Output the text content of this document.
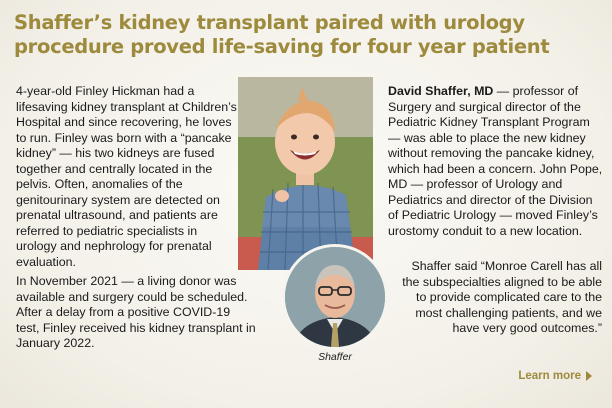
Shaffer’s kidney transplant paired with urology procedure proved life-saving for four year patient

4-year-old Finley Hickman had a lifesaving kidney transplant at Children’s Hospital and since recovering, he loves to run. Finley was born with a “pancake kidney” — his two kidneys are fused together and centrally located in the pelvis. Often, anomalies of the genitourinary system are detected on prenatal ultrasound, and patients are referred to pediatric specialists in urology and nephrology for prenatal evaluation.

In November 2021 — a living donor was available and surgery could be scheduled. After a delay from a positive COVID-19 test, Finley received his kidney transplant in January 2022.

David Shaffer, MD — professor of Surgery and surgical director of the Pediatric Kidney Transplant Program — was able to place the new kidney without removing the pancake kidney, which had been a concern. John Pope, MD — professor of Urology and Pediatrics and director of the Division of Pediatric Urology — moved Finley’s urostomy conduit to a new location.

Shaffer said “Monroe Carell has all the subspecialties aligned to be able to provide complicated care to the most challenging patients, and we have very good outcomes.”

Shaffer
Learn more
